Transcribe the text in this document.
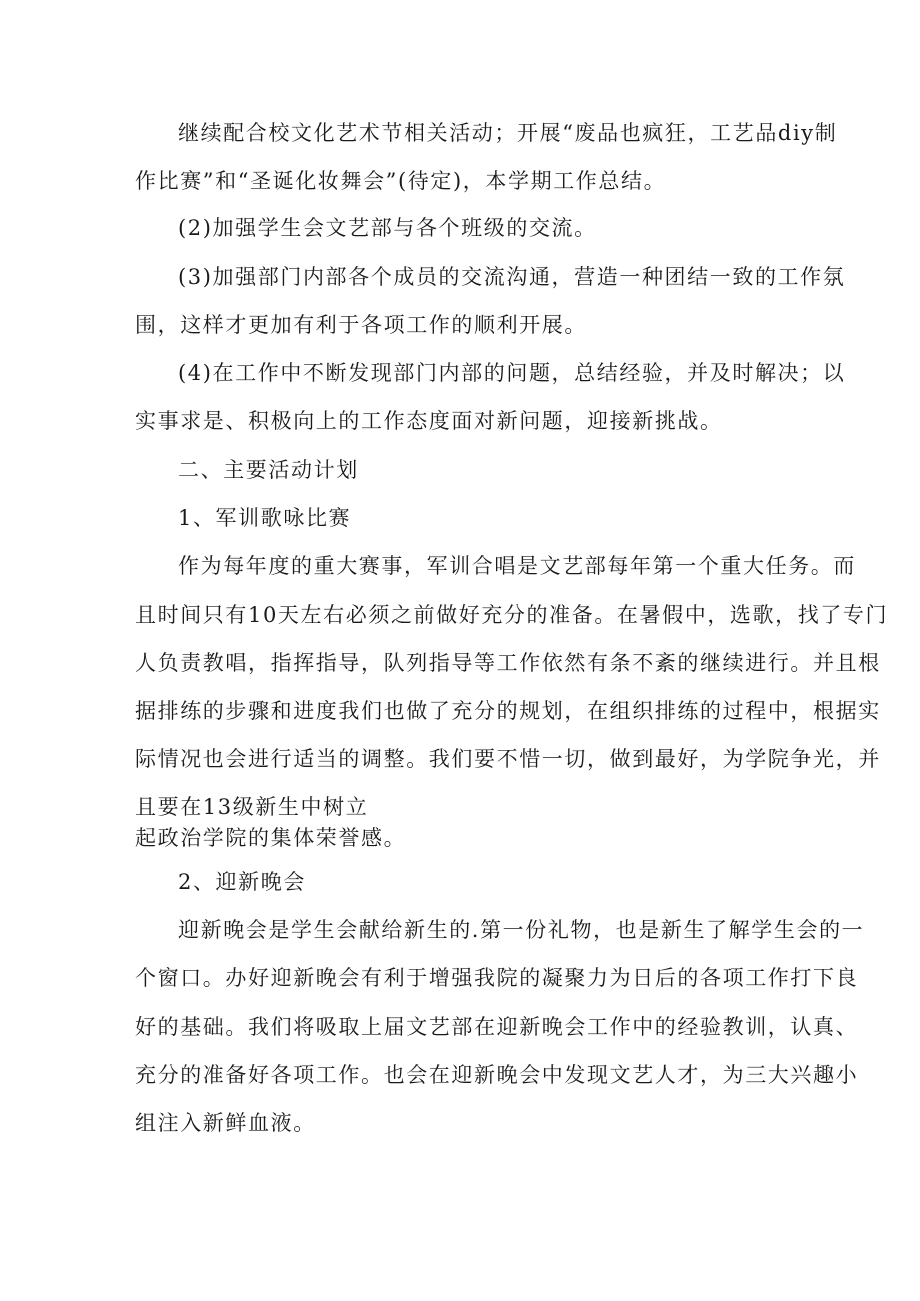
继续配合校文化艺术节相关活动；开展“废品也疯狂，工艺品diy制
作比赛”和“圣诞化妆舞会”(待定)，本学期工作总结。
(2)加强学生会文艺部与各个班级的交流。
(3)加强部门内部各个成员的交流沟通，营造一种团结一致的工作氛
围，这样才更加有利于各项工作的顺利开展。
(4)在工作中不断发现部门内部的问题，总结经验，并及时解决；以
实事求是、积极向上的工作态度面对新问题，迎接新挑战。
二、主要活动计划
1、军训歌咏比赛
作为每年度的重大赛事，军训合唱是文艺部每年第一个重大任务。而
且时间只有10天左右必须之前做好充分的准备。在暑假中，选歌，找了专门
人负责教唱，指挥指导，队列指导等工作依然有条不紊的继续进行。并且根
据排练的步骤和进度我们也做了充分的规划，在组织排练的过程中，根据实
际情况也会进行适当的调整。我们要不惜一切，做到最好，为学院争光，并
且要在13级新生中树立
起政治学院的集体荣誉感。
2、迎新晚会
迎新晚会是学生会献给新生的.第一份礼物，也是新生了解学生会的一
个窗口。办好迎新晚会有利于增强我院的凝聚力为日后的各项工作打下良
好的基础。我们将吸取上届文艺部在迎新晚会工作中的经验教训，认真、
充分的准备好各项工作。也会在迎新晚会中发现文艺人才，为三大兴趣小
组注入新鲜血液。
